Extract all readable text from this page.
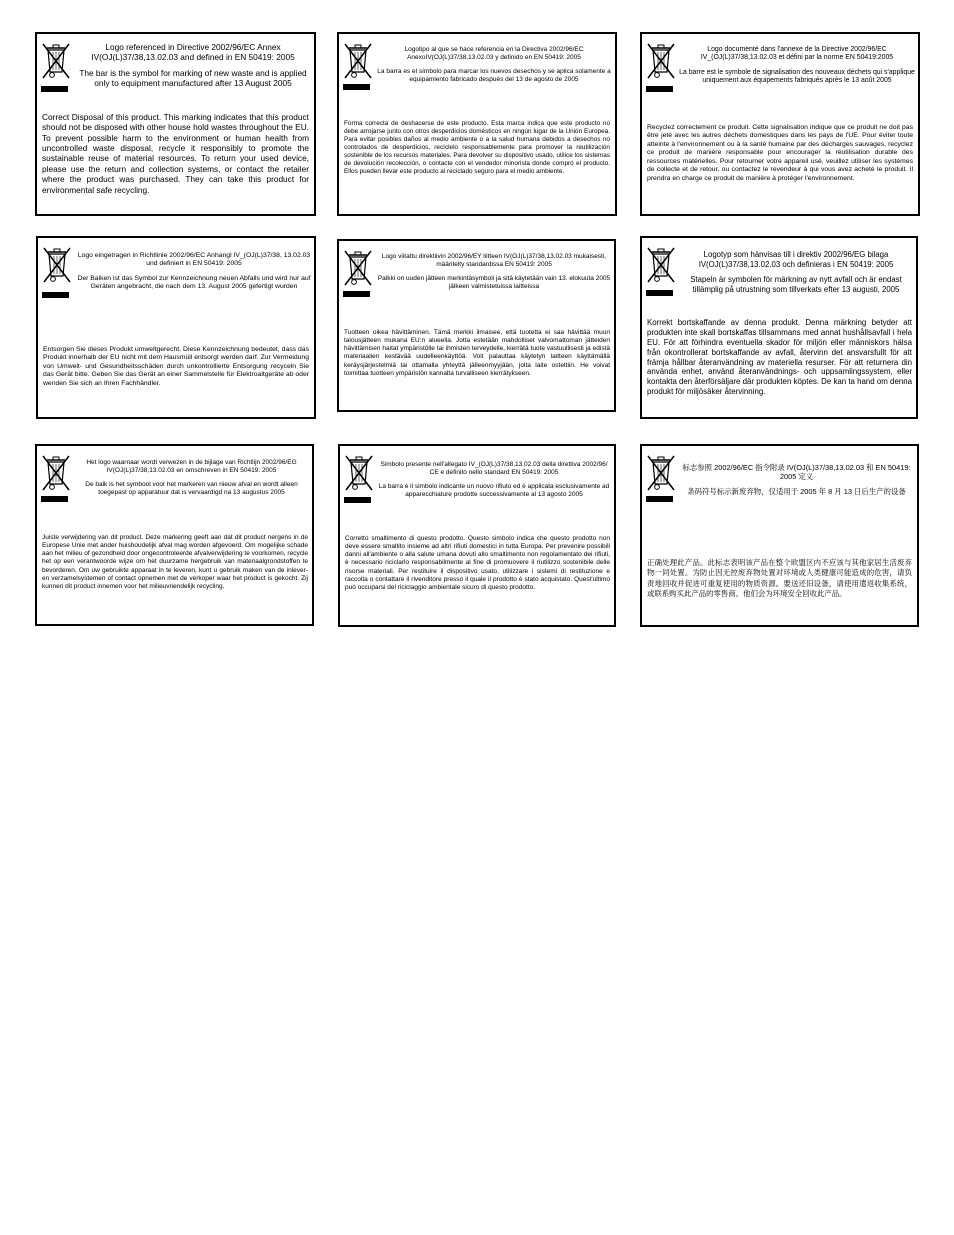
Logo referenced in Directive 2002/96/EC Annex IV(OJ(L)37/38,13.02.03 and defined in EN 50419: 2005

The bar is the symbol for marking of new waste and is applied only to equipment manufactured after 13 August 2005

Correct Disposal of this product. This marking indicates that this product should not be disposed with other house hold wastes throughout the EU. To prevent possible harm to the environment or human health from uncontrolled waste disposal, recycle it responsibly to promote the sustainable reuse of material resources. To return your used device, please use the return and collection systems, or contact the retailer where the product was purchased. They can take this product for environmental safe recycling.

Logotipo al que se hace referencia en la Directiva 2002/96/EC AnexoIV(OJ(L)37/38,13.02.03 y definido en EN 50419: 2005

La barra es el símbolo para marcar los nuevos desechos y se aplica solamente a equipamiento fabricado después del 13 de agosto de 2005

Forma correcta de deshacerse de este producto. Esta marca indica que este producto no debe arrojarse junto con otros desperdicios domésticos en ningún lugar de la Unión Europea. Para evitar posibles daños al medio ambiente o a la salud humana debidos a desechos no controlados de desperdicios, recíclelo responsablemente para promover la reutilización sostenible de los recursos materiales. Para devolver su dispositivo usado, utilice los sistemas de devolución recolección, o contacte con el vendedor minorista donde compró el producto. Ellos pueden llevar este producto al reciclado seguro para el medio ambiente.

Logo documenté dans l'annexe de la Directive 2002/96/EC IV_(OJ(L)37/38,13.02.03 et défini par la norme EN 50419:2005

La barre est le symbole de signalisation des nouveaux déchets qui s'applique uniquement aux équipements fabriqués après le 13 août 2005

Recyclez correctement ce produit. Cette signalisation indique que ce produit ne doit pas être jeté avec les autres déchets domestiques dans les pays de l'UE. Pour éviter toute atteinte à l'environnement ou à la santé humaine par des décharges sauvages, recyclez ce produit de manière responsable pour encourager la réutilisation durable des ressources matérielles. Pour retourner votre appareil usé, veuillez utiliser les systèmes de collecte et de retour, ou contactez le revendeur à qui vous avez acheté le produit. Il prendra en charge ce produit de manière à protéger l'environnement.

Logo eingetragen in Richtlinie 2002/96/EC Anhangl IV_(OJ(L)37/38, 13.02.03 und definiert in EN 50419: 2005

Der Balken ist das Symbol zur Kennzeichnung neuen Abfalls und wird nur auf Geräten angebracht, die nach dem 13. August 2005 gefertigt wurden

Entsorgen Sie dieses Produkt umweltgerecht. Diese Kennzeichnung bedeutet, dass das Produkt innerhalb der EU nicht mit dem Hausmüll entsorgt werden darf. Zur Vermeidung von Umwelt- und Gesundheitsschäden durch unkontrollierte Entsorgung recyceln Sie das Gerät bitte. Geben Sie das Gerät an einer Sammelstelle für Elektroaltgeräte ab oder wenden Sie sich an Ihren Fachhändler.

Logo viitattu direktiivin 2002/96/EY liitteen IV(OJ(L)37/38,13.02.03 mukaisesti, määritelty standardissa EN 50419: 2005

Palkki on uuden jätteen merkintäsymboli ja sitä käytetään vain 13. elokuuta 2005 jälkeen valmistetuissa laitteissa

Tuotteen oikea hävittäminen. Tämä merkki ilmaisee, että tuotetta ei saa hävittää muun talousjätteen mukana EU:n alueella. Jotta estetään mahdolliset valvomattoman jätteiden hävittämisen haitat ympäristölle tai ihmisten terveydelle, kierrätä tuote vastuullisesti ja edistä materiaalien kestävää uudelleenkäyttöä. Voit palauttaa käytetyn laitteen käyttämällä keräysjärjestelmiä tai ottamalla yhteyttä jälleenmyyjään, jolta laite ostettiin. He voivat toimittaa tuotteen ympäristön kannalta turvalliseen kierrätykseen.

Logotyp som hänvisas till i direktiv 2002/96/EG bilaga IV(OJ(L)37/38,13.02.03 och definieras i EN 50419: 2005

Stapeln är symbolen för märkning av nytt avfall och är endast tillämplig på utrustning som tillverkats efter 13 augusti, 2005

Korrekt bortskaffande av denna produkt. Denna märkning betyder att produkten inte skall bortskaffas tillsammans med annat hushållsavfall i hela EU. För att förhindra eventuella skador för miljön eller människors hälsa från okontrollerat bortskaffande av avfall, återvinn det ansvarsfullt för att främja hållbar återanvändning av materiella resurser. För att returnera din använda enhet, använd återanvändnings- och uppsamlingssystem, eller kontakta den återförsäljare där produkten köptes. De kan ta hand om denna produkt för miljösäker återvinning.

Het logo waarnaar wordt verwezen in de bijlage van Richtlijn 2002/96/EG IV(OJ(L)37/38,13.02.03 en omschreven in EN 50419: 2005

De balk is het symbool voor het markeren van nieuw afval en wordt alleen toegepast op apparatuur dat is vervaardigd na 13 augustus 2005

Juiste verwijdering van dit product. Deze markering geeft aan dat dit product nergens in de Europese Unie met ander huishoudelijk afval mag worden afgevoerd. Om mogelijke schade aan het milieu of gezondheid door ongecontroleerde afvalverwijdering te voorkomen, recycle het op een verantwoorde wijze om het duurzame hergebruik van materiaalgrondstoffen te bevorderen. Om uw gebruikte apparaat in te leveren, kunt u gebruik maken van de inlever- en verzamelsystemen of contact opnemen met de verkoper waar het product is gekocht. Zij kunnen dit product innemen voor het milieuvriendelijk recycling.

Simbolo presente nell'allegato IV_(OJ(L)37/38,13.02.03 della direttiva 2002/96/ CE e definito nello standard EN 50419: 2005

La barra è il simbolo indicante un nuovo rifiuto ed è applicata esclusivamente ad apparecchiature prodotte successivamente al 13 agosto 2005

Corretto smaltimento di questo prodotto. Questo simbolo indica che questo prodotto non deve essere smaltito insieme ad altri rifiuti domestici in tutta Europa. Per prevenire possibili danni all'ambiente o alla salute umana dovuti allo smaltimento non regolamentato dei rifiuti, è necessario riciclarlo responsabilmente al fine di promuovere il riutilizzo sostenibile delle risorse materiali. Per restituire il dispositivo usato, utilizzare i sistemi di restituzione e raccolta o contattare il rivenditore presso il quale il prodotto è stato acquistato. Quest'ultimo può occuparsi del riciclaggio ambientale sicuro di questo prodotto.

标志参照 2002/96/EC 指令附录 IV(OJ(L)37/38,13.02.03 和 EN 50419: 2005 定义

条码符号标示新废弃物，仅适用于 2005 年 8 月 13 日后生产的设备

正确处理此产品。此标志表明该产品在整个欧盟区内不应该与其他家居生活废弃物一同处置。为防止因无控废弃物处置对环境或人类健康可能造成的危害，请负责地回收并促进可重复使用的物质资源。要送还旧设备，请使用遣返收集系统，或联系购买此产品的零售商。他们会为环境安全回收此产品。
